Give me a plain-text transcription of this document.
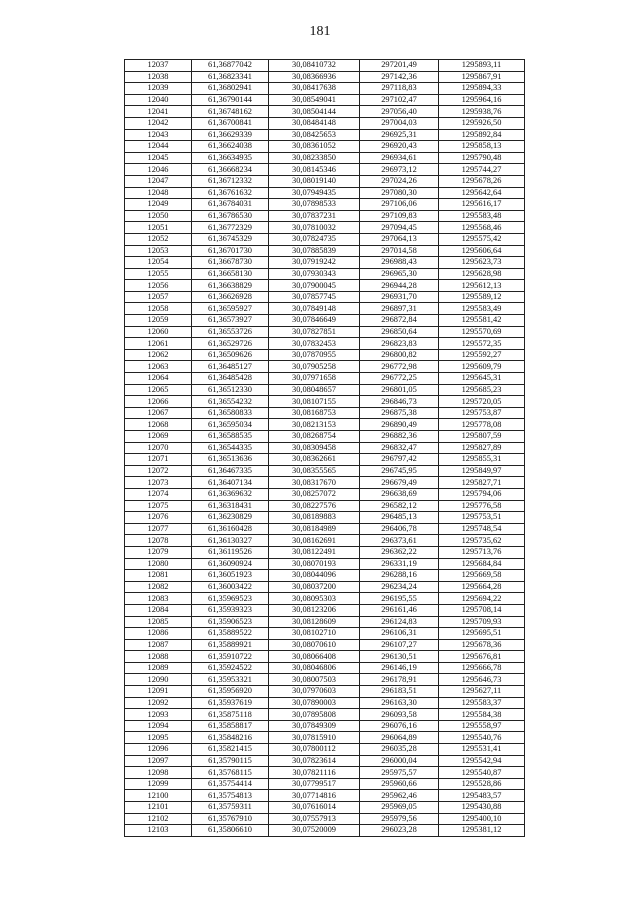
181
12037	61,36877042	30,08410732	297201,49	1295893,11
12038	61,36823341	30,08366936	297142,36	1295867,91
12039	61,36802941	30,08417638	297118,83	1295894,33
12040	61,36790144	30,08549041	297102,47	1295964,16
12041	61,36748162	30,08504144	297056,40	1295938,76
12042	61,36700841	30,08484148	297004,03	1295926,50
12043	61,36629339	30,08425653	296925,31	1295892,84
12044	61,36624038	30,08361052	296920,43	1295858,13
12045	61,36634935	30,08233850	296934,61	1295790,48
12046	61,36668234	30,08145346	296973,12	1295744,27
12047	61,36712332	30,08019140	297024,26	1295678,26
12048	61,36761632	30,07949435	297080,30	1295642,64
12049	61,36784031	30,07898533	297106,06	1295616,17
12050	61,36786530	30,07837231	297109,83	1295583,48
12051	61,36772329	30,07810032	297094,45	1295568,46
12052	61,36745329	30,07824735	297064,13	1295575,42
12053	61,36701730	30,07885839	297014,58	1295606,64
12054	61,36678730	30,07919242	296988,43	1295623,73
12055	61,36658130	30,07930343	296965,30	1295628,98
12056	61,36638829	30,07900045	296944,28	1295612,13
12057	61,36626928	30,07857745	296931,70	1295589,12
12058	61,36595927	30,07849148	296897,31	1295583,49
12059	61,36573927	30,07846649	296872,84	1295581,42
12060	61,36553726	30,07827851	296850,64	1295570,69
12061	61,36529726	30,07832453	296823,83	1295572,35
12062	61,36509626	30,07870955	296800,82	1295592,27
12063	61,36485127	30,07905258	296772,98	1295609,79
12064	61,36485428	30,07971658	296772,25	1295645,31
12065	61,36512330	30,08048657	296801,05	1295685,23
12066	61,36554232	30,08107155	296846,73	1295720,05
12067	61,36580833	30,08168753	296875,38	1295753,87
12068	61,36595034	30,08213153	296890,49	1295778,08
12069	61,36588535	30,08268754	296882,36	1295807,59
12070	61,36544335	30,08309458	296832,47	1295827,89
12071	61,36513636	30,08362661	296797,42	1295855,31
12072	61,36467335	30,08355565	296745,95	1295849,97
12073	61,36407134	30,08317670	296679,49	1295827,71
12074	61,36369632	30,08257072	296638,69	1295794,06
12075	61,36318431	30,08227576	296582,12	1295776,58
12076	61,36230829	30,08189883	296485,13	1295753,51
12077	61,36160428	30,08184989	296406,78	1295748,54
12078	61,36130327	30,08162691	296373,61	1295735,62
12079	61,36119526	30,08122491	296362,22	1295713,76
12080	61,36090924	30,08070193	296331,19	1295684,84
12081	61,36051923	30,08044096	296288,16	1295669,58
12082	61,36003422	30,08037200	296234,24	1295664,28
12083	61,35969523	30,08095303	296195,55	1295694,22
12084	61,35939323	30,08123206	296161,46	1295708,14
12085	61,35906523	30,08128609	296124,83	1295709,93
12086	61,35889522	30,08102710	296106,31	1295695,51
12087	61,35889921	30,08070610	296107,27	1295678,36
12088	61,35910722	30,08066408	296130,51	1295676,81
12089	61,35924522	30,08046806	296146,19	1295666,78
12090	61,35953321	30,08007503	296178,91	1295646,73
12091	61,35956920	30,07970603	296183,51	1295627,11
12092	61,35937619	30,07890003	296163,30	1295583,37
12093	61,35875118	30,07895808	296093,58	1295584,38
12094	61,35858817	30,07849309	296076,16	1295558,97
12095	61,35848216	30,07815910	296064,89	1295540,76
12096	61,35821415	30,07800112	296035,28	1295531,41
12097	61,35790115	30,07823614	296000,04	1295542,94
12098	61,35768115	30,07821116	295975,57	1295540,87
12099	61,35754414	30,07799517	295960,66	1295528,86
12100	61,35754813	30,07714816	295962,46	1295483,57
12101	61,35759311	30,07616014	295969,05	1295430,88
12102	61,35767910	30,07557913	295979,56	1295400,10
12103	61,35806610	30,07520009	296023,28	1295381,12
